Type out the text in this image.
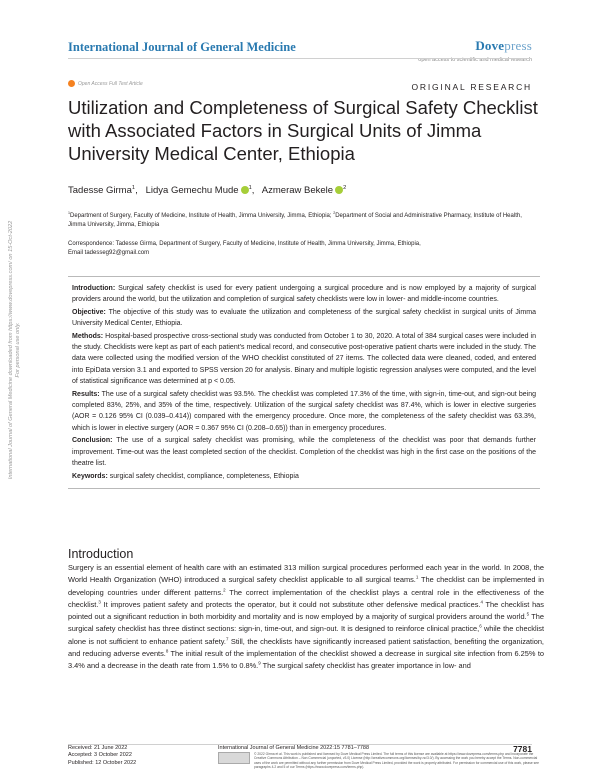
International Journal of General Medicine	Dovepress
open access to scientific and medical research
Open Access Full Text Article	ORIGINAL RESEARCH
Utilization and Completeness of Surgical Safety Checklist with Associated Factors in Surgical Units of Jimma University Medical Center, Ethiopia
Tadesse Girma$^1$, Lidya Gemechu Mude $^1$, Azmeraw Bekele $^2$
$^1$Department of Surgery, Faculty of Medicine, Institute of Health, Jimma University, Jimma, Ethiopia; $^2$Department of Social and Administrative Pharmacy, Institute of Health, Jimma University, Jimma, Ethiopia
Correspondence: Tadesse Girma, Department of Surgery, Faculty of Medicine, Institute of Health, Jimma University, Jimma, Ethiopia,
Email tadesseg92@gmail.com

Introduction: Surgical safety checklist is used for every patient undergoing a surgical procedure and is now employed by a majority of surgical providers around the world, but the utilization and completion of surgical safety checklists were low in lower- and middle-income countries.

Objective: The objective of this study was to evaluate the utilization and completeness of the surgical safety checklist in surgical units of Jimma University Medical Center, Ethiopia.

Methods: Hospital-based prospective cross-sectional study was conducted from October 1 to 30, 2020. A total of 384 surgical cases were included in the study. Checklists were kept as part of each patient's medical record, and consecutive post-operative patient charts were included in the study. The data were collected using the modified version of the WHO checklist constituted of 27 items. The collected data were cleaned, coded, and entered into EpiData version 3.1 and exported to SPSS version 20 for analysis. Binary and multiple logistic regression analyses were computed, and the level of statistical significance was determined at p < 0.05.

Results: The use of a surgical safety checklist was 93.5%. The checklist was completed 17.3% of the time, with sign-in, time-out, and sign-out being completed 83%, 25%, and 35% of the time, respectively. Utilization of the surgical safety checklist was 87.4%, which is lower in elective surgeries (AOR = 0.126 95% CI (0.039–0.414)) compared with the emergency procedure. Once more, the completeness of the safety checklist was 63.3%, which is lower in elective surgery (AOR = 0.367 95% CI (0.208–0.65)) than in emergency procedures.

Conclusion: The use of a surgical safety checklist was promising, while the completeness of the checklist was poor that demands further improvement. Time-out was the least completed section of the checklist. Completion of the checklist was high in the first case on the positions of the theatre list.

Keywords: surgical safety checklist, compliance, completeness, Ethiopia

Introduction

Surgery is an essential element of health care with an estimated 313 million surgical procedures performed each year in the world. In 2008, the World Health Organization (WHO) introduced a surgical safety checklist applicable to all surgical teams.$^1$ The checklist can be implemented in developing countries under different patterns.$^2$ The correct implementation of the checklist plays a central role in the effectiveness of the checklist.$^3$ It improves patient safety and protects the operator, but it could not substitute other defensive medical practices.$^4$ The checklist has pointed out a significant reduction in both morbidity and mortality and is now employed by a majority of surgical providers around the world.$^5$ The surgical safety checklist has three distinct sections: sign-in, time-out, and sign-out. It is designed to reinforce clinical practice,$^6$ while the checklist alone is not sufficient to enhance patient safety.$^7$ Still, the checklists have significantly increased patient satisfaction, benefiting the organization, and reducing adverse events.$^8$ The initial result of the implementation of the checklist showed a decrease in surgical site infection from 6.25% to 3.4% and a decrease in the death rate from 1.5% to 0.8%.$^9$ The surgical safety checklist has greater importance in low- and

International Journal of General Medicine downloaded from https://www.dovepress.com/ on 15-Oct-2022
For personal use only.
Received: 21 June 2022
Accepted: 3 October 2022
Published: 12 October 2022
International Journal of General Medicine 2022:15 7781–7788	7781
© 2022 Girma et al. This work is published and licensed by Dove Medical Press Limited. The full terms of this license are available at https://www.dovepress.com/terms.php and incorporate the Creative Commons Attribution – Non Commercial (unported, v3.0) License (http://creativecommons.org/licenses/by-nc/3.0/). By accessing the work you hereby accept the Terms. Non-commercial uses of the work are permitted without any further permission from Dove Medical Press Limited, provided the work is properly attributed. For permission for commercial use of this work, please see paragraphs 4.2 and 5 of our Terms (https://www.dovepress.com/terms.php).
